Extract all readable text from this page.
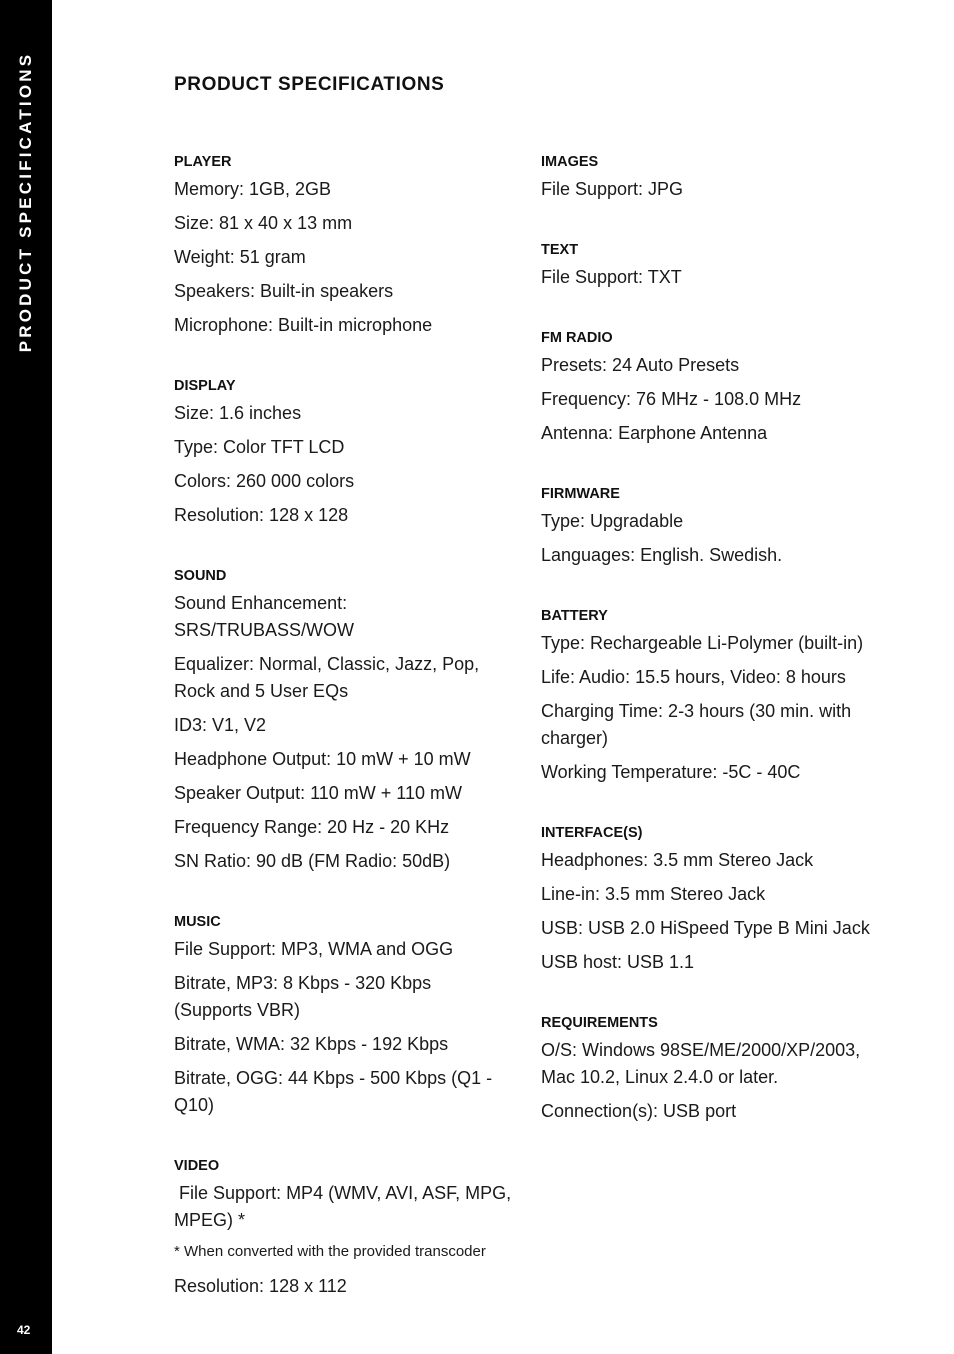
PRODUCT SPECIFICATIONS
42
PRODUCT SPECIFICATIONS
PLAYER
Memory: 1GB, 2GB
Size: 81 x 40 x 13 mm
Weight: 51 gram
Speakers: Built-in speakers
Microphone: Built-in microphone
DISPLAY
Size: 1.6 inches
Type: Color TFT LCD
Colors: 260 000 colors
Resolution: 128 x 128
SOUND
Sound Enhancement: SRS/TRUBASS/WOW
Equalizer: Normal, Classic, Jazz, Pop, Rock and 5 User EQs
ID3: V1, V2
Headphone Output: 10 mW + 10 mW
Speaker Output: 110 mW + 110 mW
Frequency Range: 20 Hz - 20 KHz
SN Ratio: 90 dB (FM Radio: 50dB)
MUSIC
File Support: MP3, WMA and OGG
Bitrate, MP3: 8 Kbps - 320 Kbps (Supports VBR)
Bitrate, WMA: 32 Kbps - 192 Kbps
Bitrate, OGG: 44 Kbps - 500 Kbps (Q1 - Q10)
VIDEO
File Support: MP4 (WMV, AVI, ASF, MPG, MPEG) *
* When converted with the provided transcoder
Resolution: 128 x 112
IMAGES
File Support: JPG
TEXT
File Support: TXT
FM RADIO
Presets: 24 Auto Presets
Frequency: 76 MHz - 108.0 MHz
Antenna: Earphone Antenna
FIRMWARE
Type: Upgradable
Languages: English. Swedish.
BATTERY
Type: Rechargeable Li-Polymer (built-in)
Life: Audio: 15.5 hours, Video: 8 hours
Charging Time: 2-3 hours (30 min. with charger)
Working Temperature: -5C - 40C
INTERFACE(S)
Headphones: 3.5 mm Stereo Jack
Line-in: 3.5 mm Stereo Jack
USB: USB 2.0 HiSpeed Type B Mini Jack
USB host: USB 1.1
REQUIREMENTS
O/S: Windows 98SE/ME/2000/XP/2003, Mac 10.2, Linux 2.4.0 or later.
Connection(s): USB port
